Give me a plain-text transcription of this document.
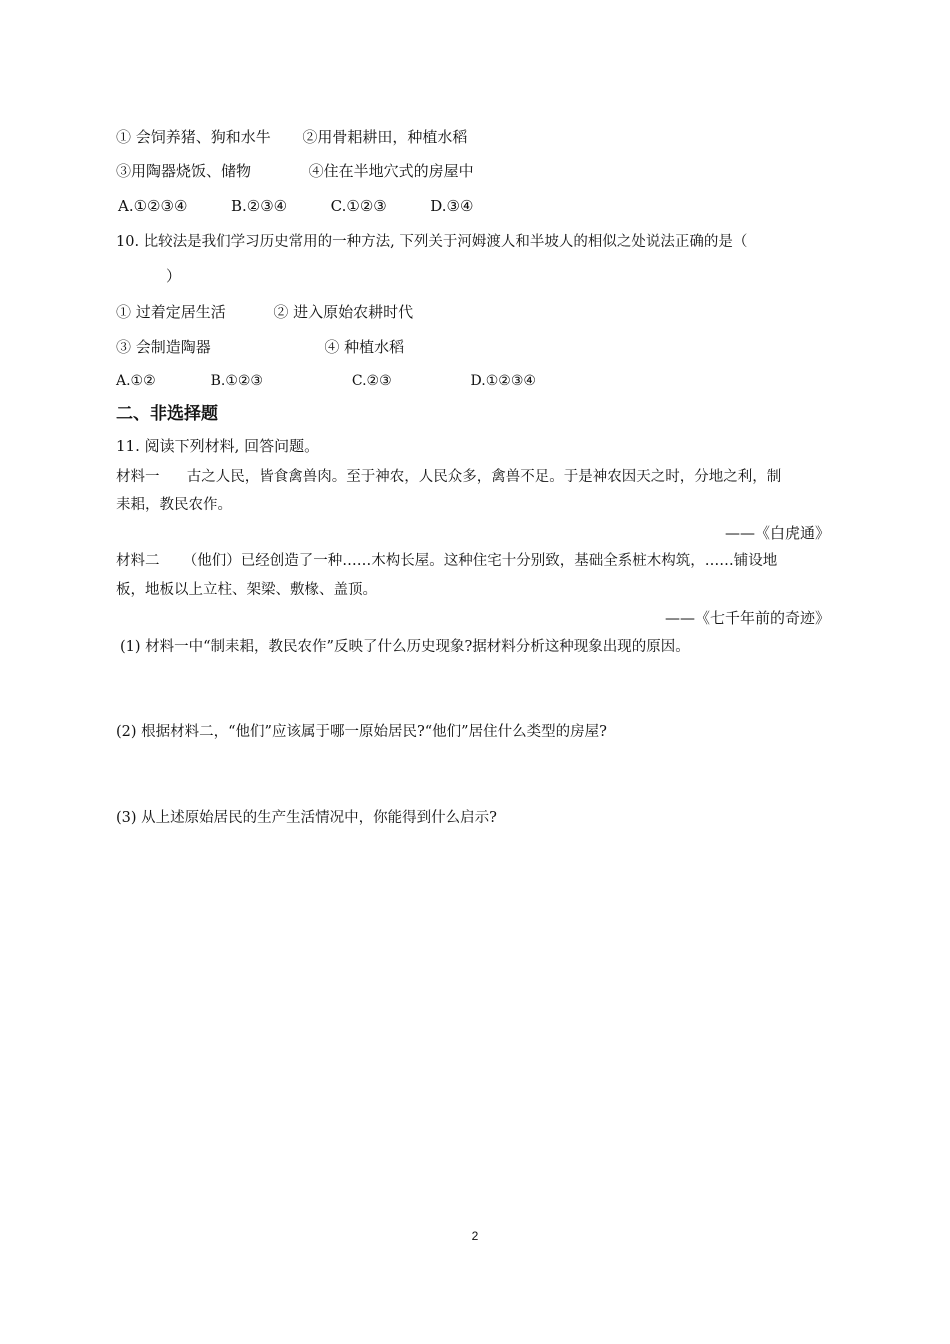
① 会饲养猪、狗和水牛 ②用骨耜耕田，种植水稻
③用陶器烧饭、储物	④住在半地穴式的房屋中
A.①②③④	B.②③④	C.①②③	D.③④
10. 比较法是我们学习历史常用的一种方法, 下列关于河姆渡人和半坡人的相似之处说法正确的是（
）
① 过着定居生活	② 进入原始农耕时代
③ 会制造陶器	④ 种植水稻
A.①②	B.①②③	C.②③	D.①②③④
二、非选择题
11. 阅读下列材料, 回答问题。
材料一 古之人民，皆食禽兽肉。至于神农，人民众多，禽兽不足。于是神农因天之时，分地之利，制
耒耜，教民农作。
——《白虎通》
材料二 （他们）已经创造了一种……木构长屋。这种住宅十分别致，基础全系桩木构筑，……铺设地
板，地板以上立柱、架梁、敷椽、盖顶。
——《七千年前的奇迹》
(1) 材料一中“制耒耜，教民农作”反映了什么历史现象?据材料分析这种现象出现的原因。
(2) 根据材料二，“他们”应该属于哪一原始居民?“他们”居住什么类型的房屋?
(3) 从上述原始居民的生产生活情况中，你能得到什么启示?
2
